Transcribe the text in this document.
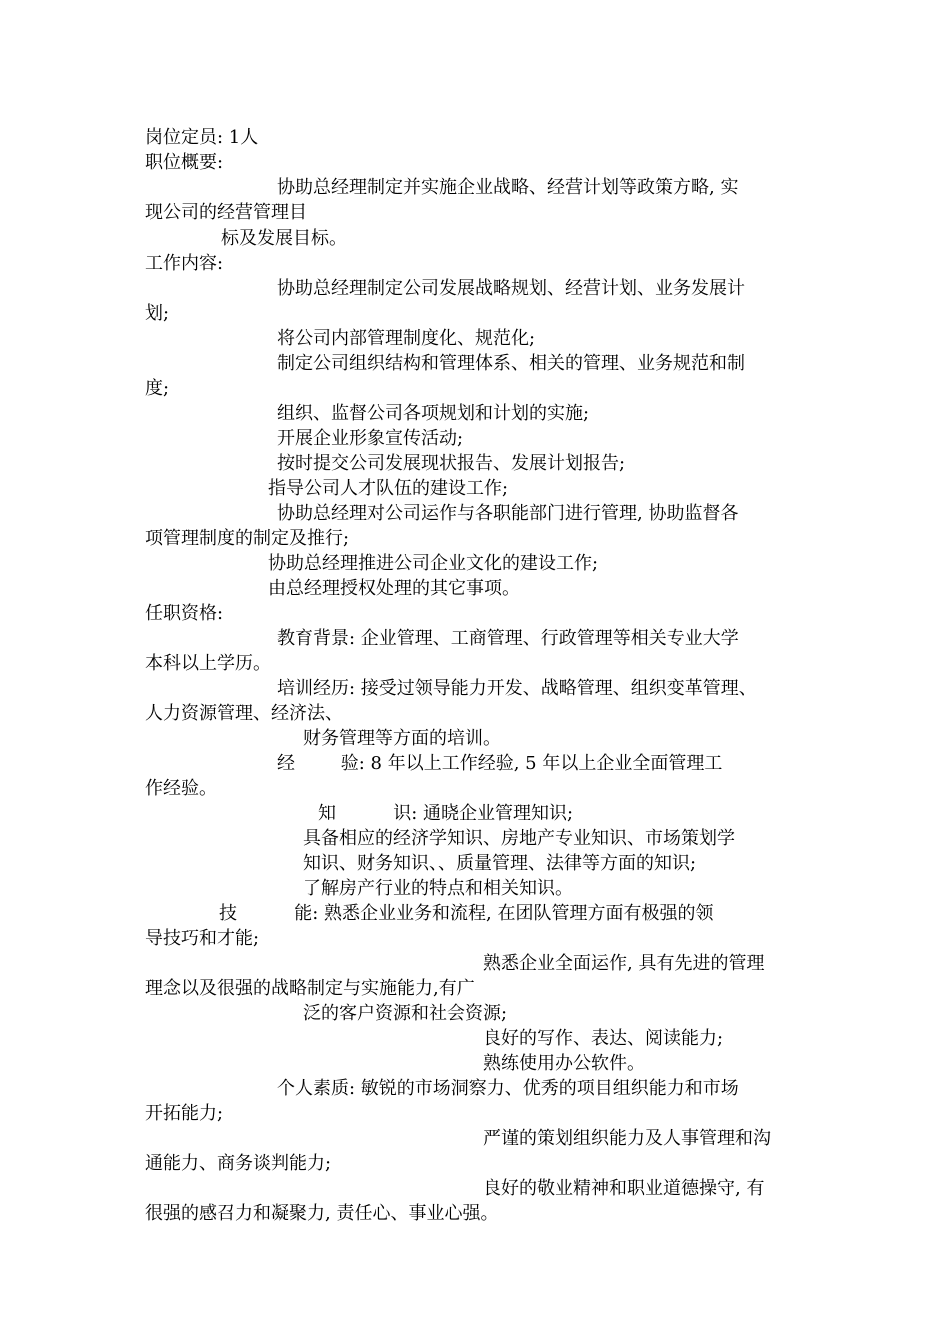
岗位定员: 1人
职位概要:
协助总经理制定并实施企业战略、经营计划等政策方略, 实
现公司的经营管理目
标及发展目标。
工作内容:
协助总经理制定公司发展战略规划、经营计划、业务发展计
划;
将公司内部管理制度化、规范化;
制定公司组织结构和管理体系、相关的管理、业务规范和制
度;
组织、监督公司各项规划和计划的实施;
开展企业形象宣传活动;
按时提交公司发展现状报告、发展计划报告;
指导公司人才队伍的建设工作;
协助总经理对公司运作与各职能部门进行管理, 协助监督各
项管理制度的制定及推行;
协助总经理推进公司企业文化的建设工作;
由总经理授权处理的其它事项。
任职资格:
教育背景: 企业管理、工商管理、行政管理等相关专业大学
本科以上学历。
培训经历: 接受过领导能力开发、战略管理、组织变革管理、
人力资源管理、经济法、
财务管理等方面的培训。
经        验: 8 年以上工作经验, 5 年以上企业全面管理工
作经验。
知          识: 通晓企业管理知识;
具备相应的经济学知识、房地产专业知识、市场策划学
知识、财务知识、、质量管理、法律等方面的知识;
了解房产行业的特点和相关知识。
技          能: 熟悉企业业务和流程, 在团队管理方面有极强的领
导技巧和才能;
熟悉企业全面运作, 具有先进的管理
理念以及很强的战略制定与实施能力,有广
泛的客户资源和社会资源;
良好的写作、表达、阅读能力;
熟练使用办公软件。
个人素质: 敏锐的市场洞察力、优秀的项目组织能力和市场
开拓能力;
严谨的策划组织能力及人事管理和沟
通能力、商务谈判能力;
良好的敬业精神和职业道德操守, 有
很强的感召力和凝聚力, 责任心、事业心强。
